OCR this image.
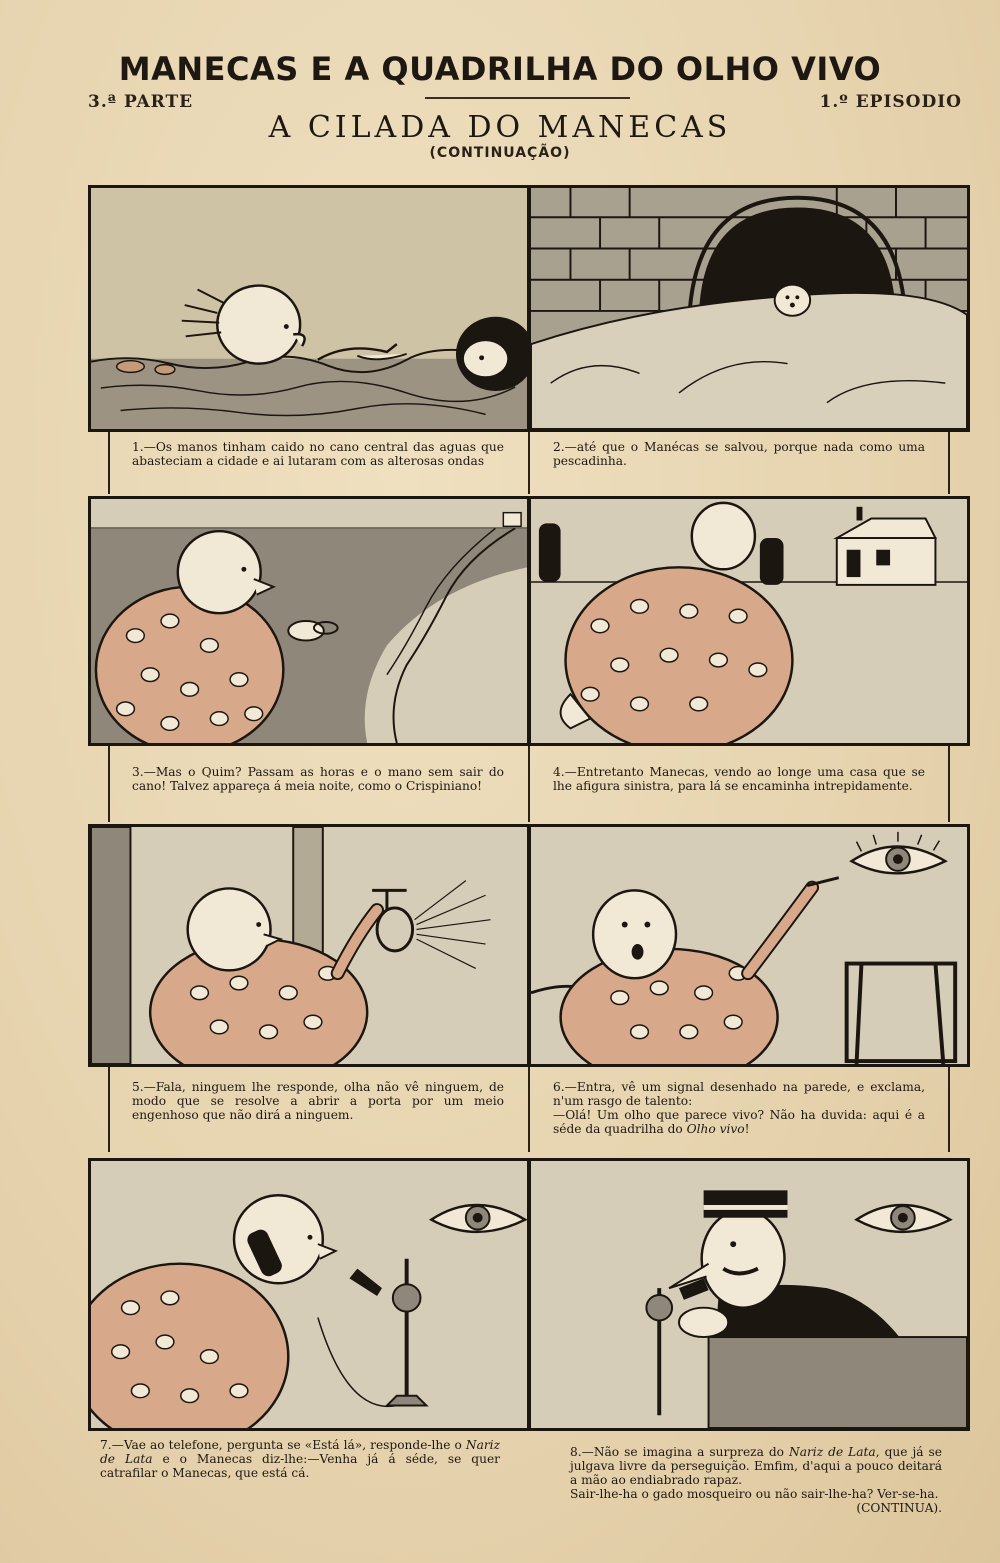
MANECAS E A QUADRILHA DO OLHO VIVO
3.ª PARTE	1.º EPISODIO
A CILADA DO MANECAS
(CONTINUAÇÃO)
1.—Os manos tinham caido no cano central das aguas que abasteciam a cidade e ai lutaram com as alterosas ondas
2.—até que o Manécas se salvou, porque nada como uma pescadinha.
3.—Mas o Quim? Passam as horas e o mano sem sair do cano! Talvez appareça á meia noite, como o Crispiniano!
4.—Entretanto Manecas, vendo ao longe uma casa que se lhe afigura sinistra, para lá se encaminha intrepidamente.
5.—Fala, ninguem lhe responde, olha não vê ninguem, de modo que se resolve a abrir a porta por um meio engenhoso que não dirá a ninguem.

6.—Entra, vê um signal desenhado na parede, e exclama, n'um rasgo de talento:

—Olá! Um olho que parece vivo? Não ha duvida: aqui é a séde da quadrilha do Olho vivo!

7.—Vae ao telefone, pergunta se «Está lá», responde-lhe o Nariz de Lata e o Manecas diz-lhe:—Venha já á séde, se quer catrafilar o Manecas, que está cá.

8.—Não se imagina a surpreza do Nariz de Lata, que já se julgava livre da perseguição. Emfim, d'aqui a pouco deitará a mão ao endiabrado rapaz.

Sair-lhe-ha o gado mosqueiro ou não sair-lhe-ha? Ver-se-ha.
(CONTINUA).
